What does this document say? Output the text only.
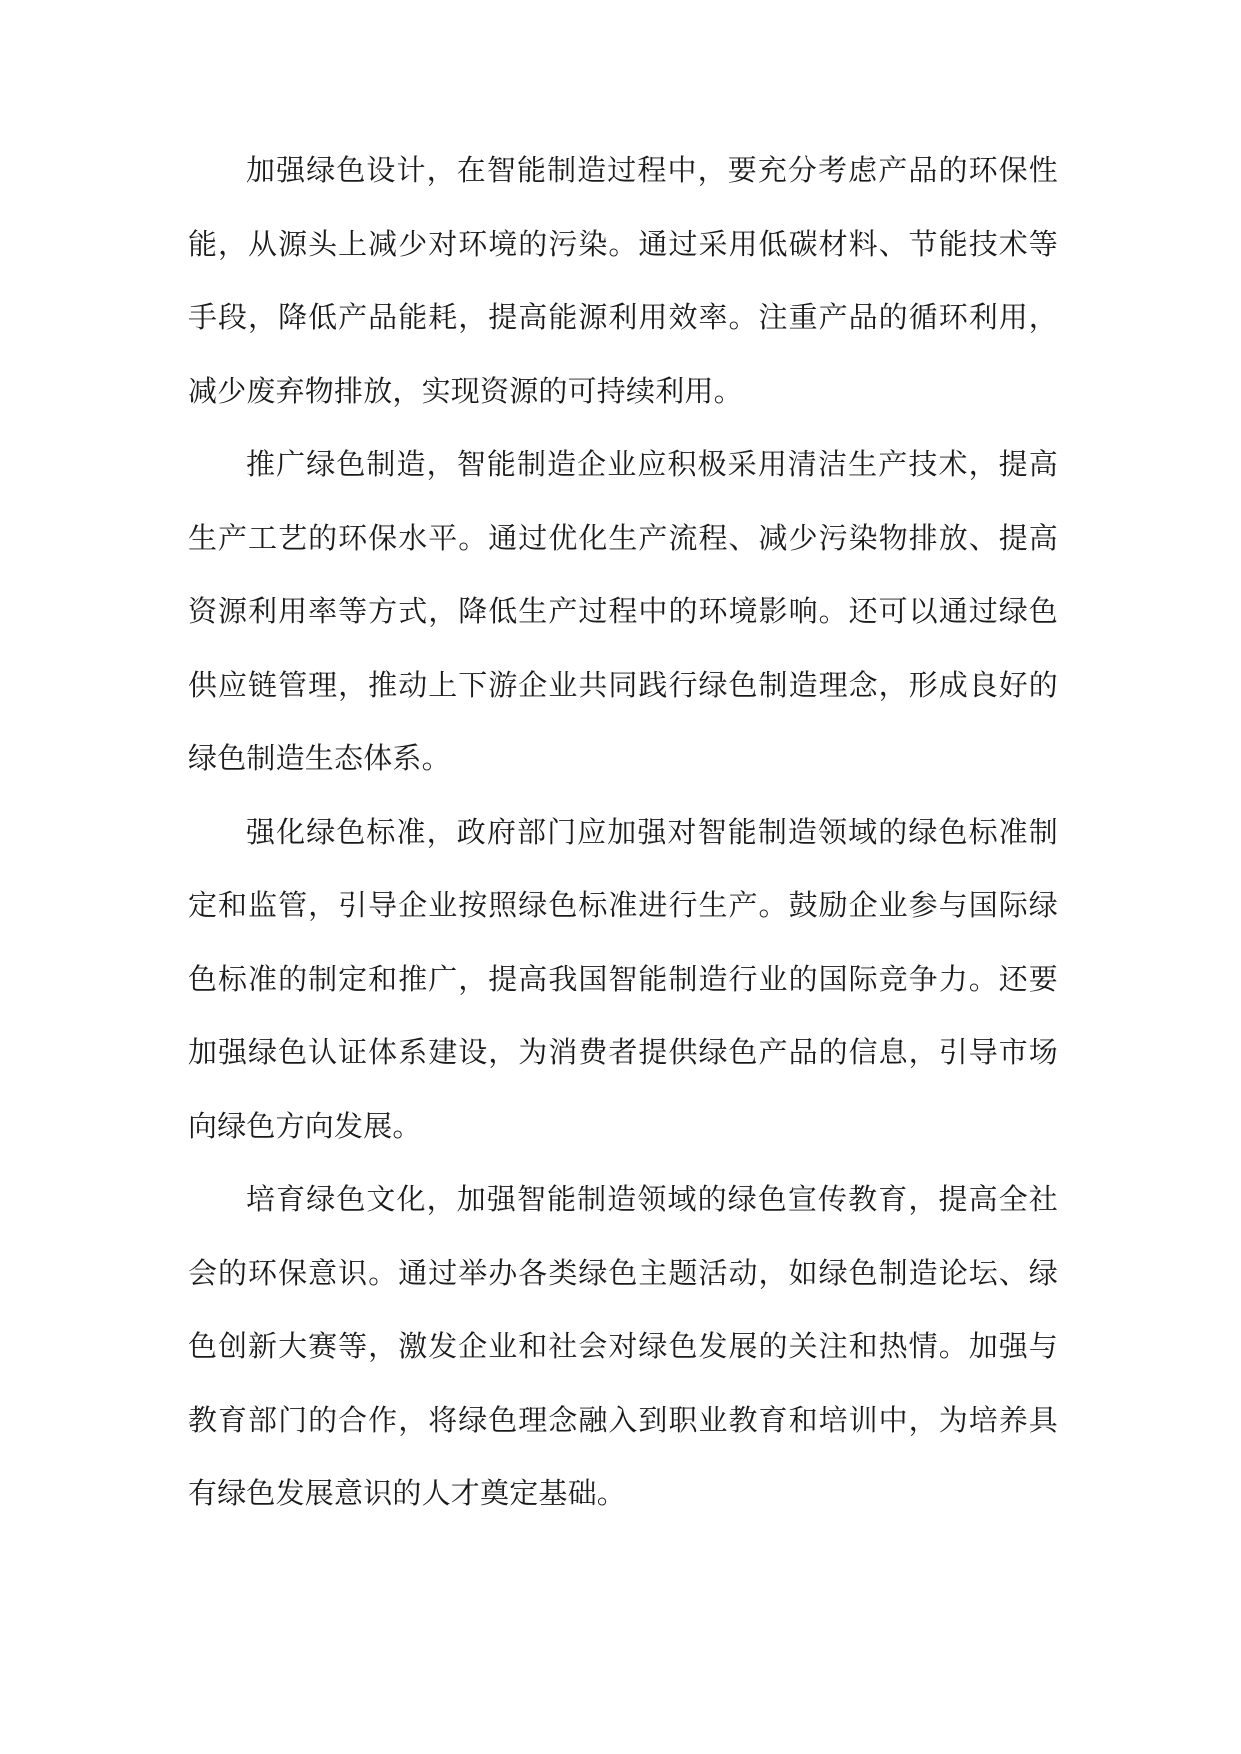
加强绿色设计，在智能制造过程中，要充分考虑产品的环保性能，从源头上减少对环境的污染。通过采用低碳材料、节能技术等手段，降低产品能耗，提高能源利用效率。注重产品的循环利用，减少废弃物排放，实现资源的可持续利用。

推广绿色制造，智能制造企业应积极采用清洁生产技术，提高生产工艺的环保水平。通过优化生产流程、减少污染物排放、提高资源利用率等方式，降低生产过程中的环境影响。还可以通过绿色供应链管理，推动上下游企业共同践行绿色制造理念，形成良好的绿色制造生态体系。

强化绿色标准，政府部门应加强对智能制造领域的绿色标准制定和监管，引导企业按照绿色标准进行生产。鼓励企业参与国际绿色标准的制定和推广，提高我国智能制造行业的国际竞争力。还要加强绿色认证体系建设，为消费者提供绿色产品的信息，引导市场向绿色方向发展。

培育绿色文化，加强智能制造领域的绿色宣传教育，提高全社会的环保意识。通过举办各类绿色主题活动，如绿色制造论坛、绿色创新大赛等，激发企业和社会对绿色发展的关注和热情。加强与教育部门的合作，将绿色理念融入到职业教育和培训中，为培养具有绿色发展意识的人才奠定基础。
